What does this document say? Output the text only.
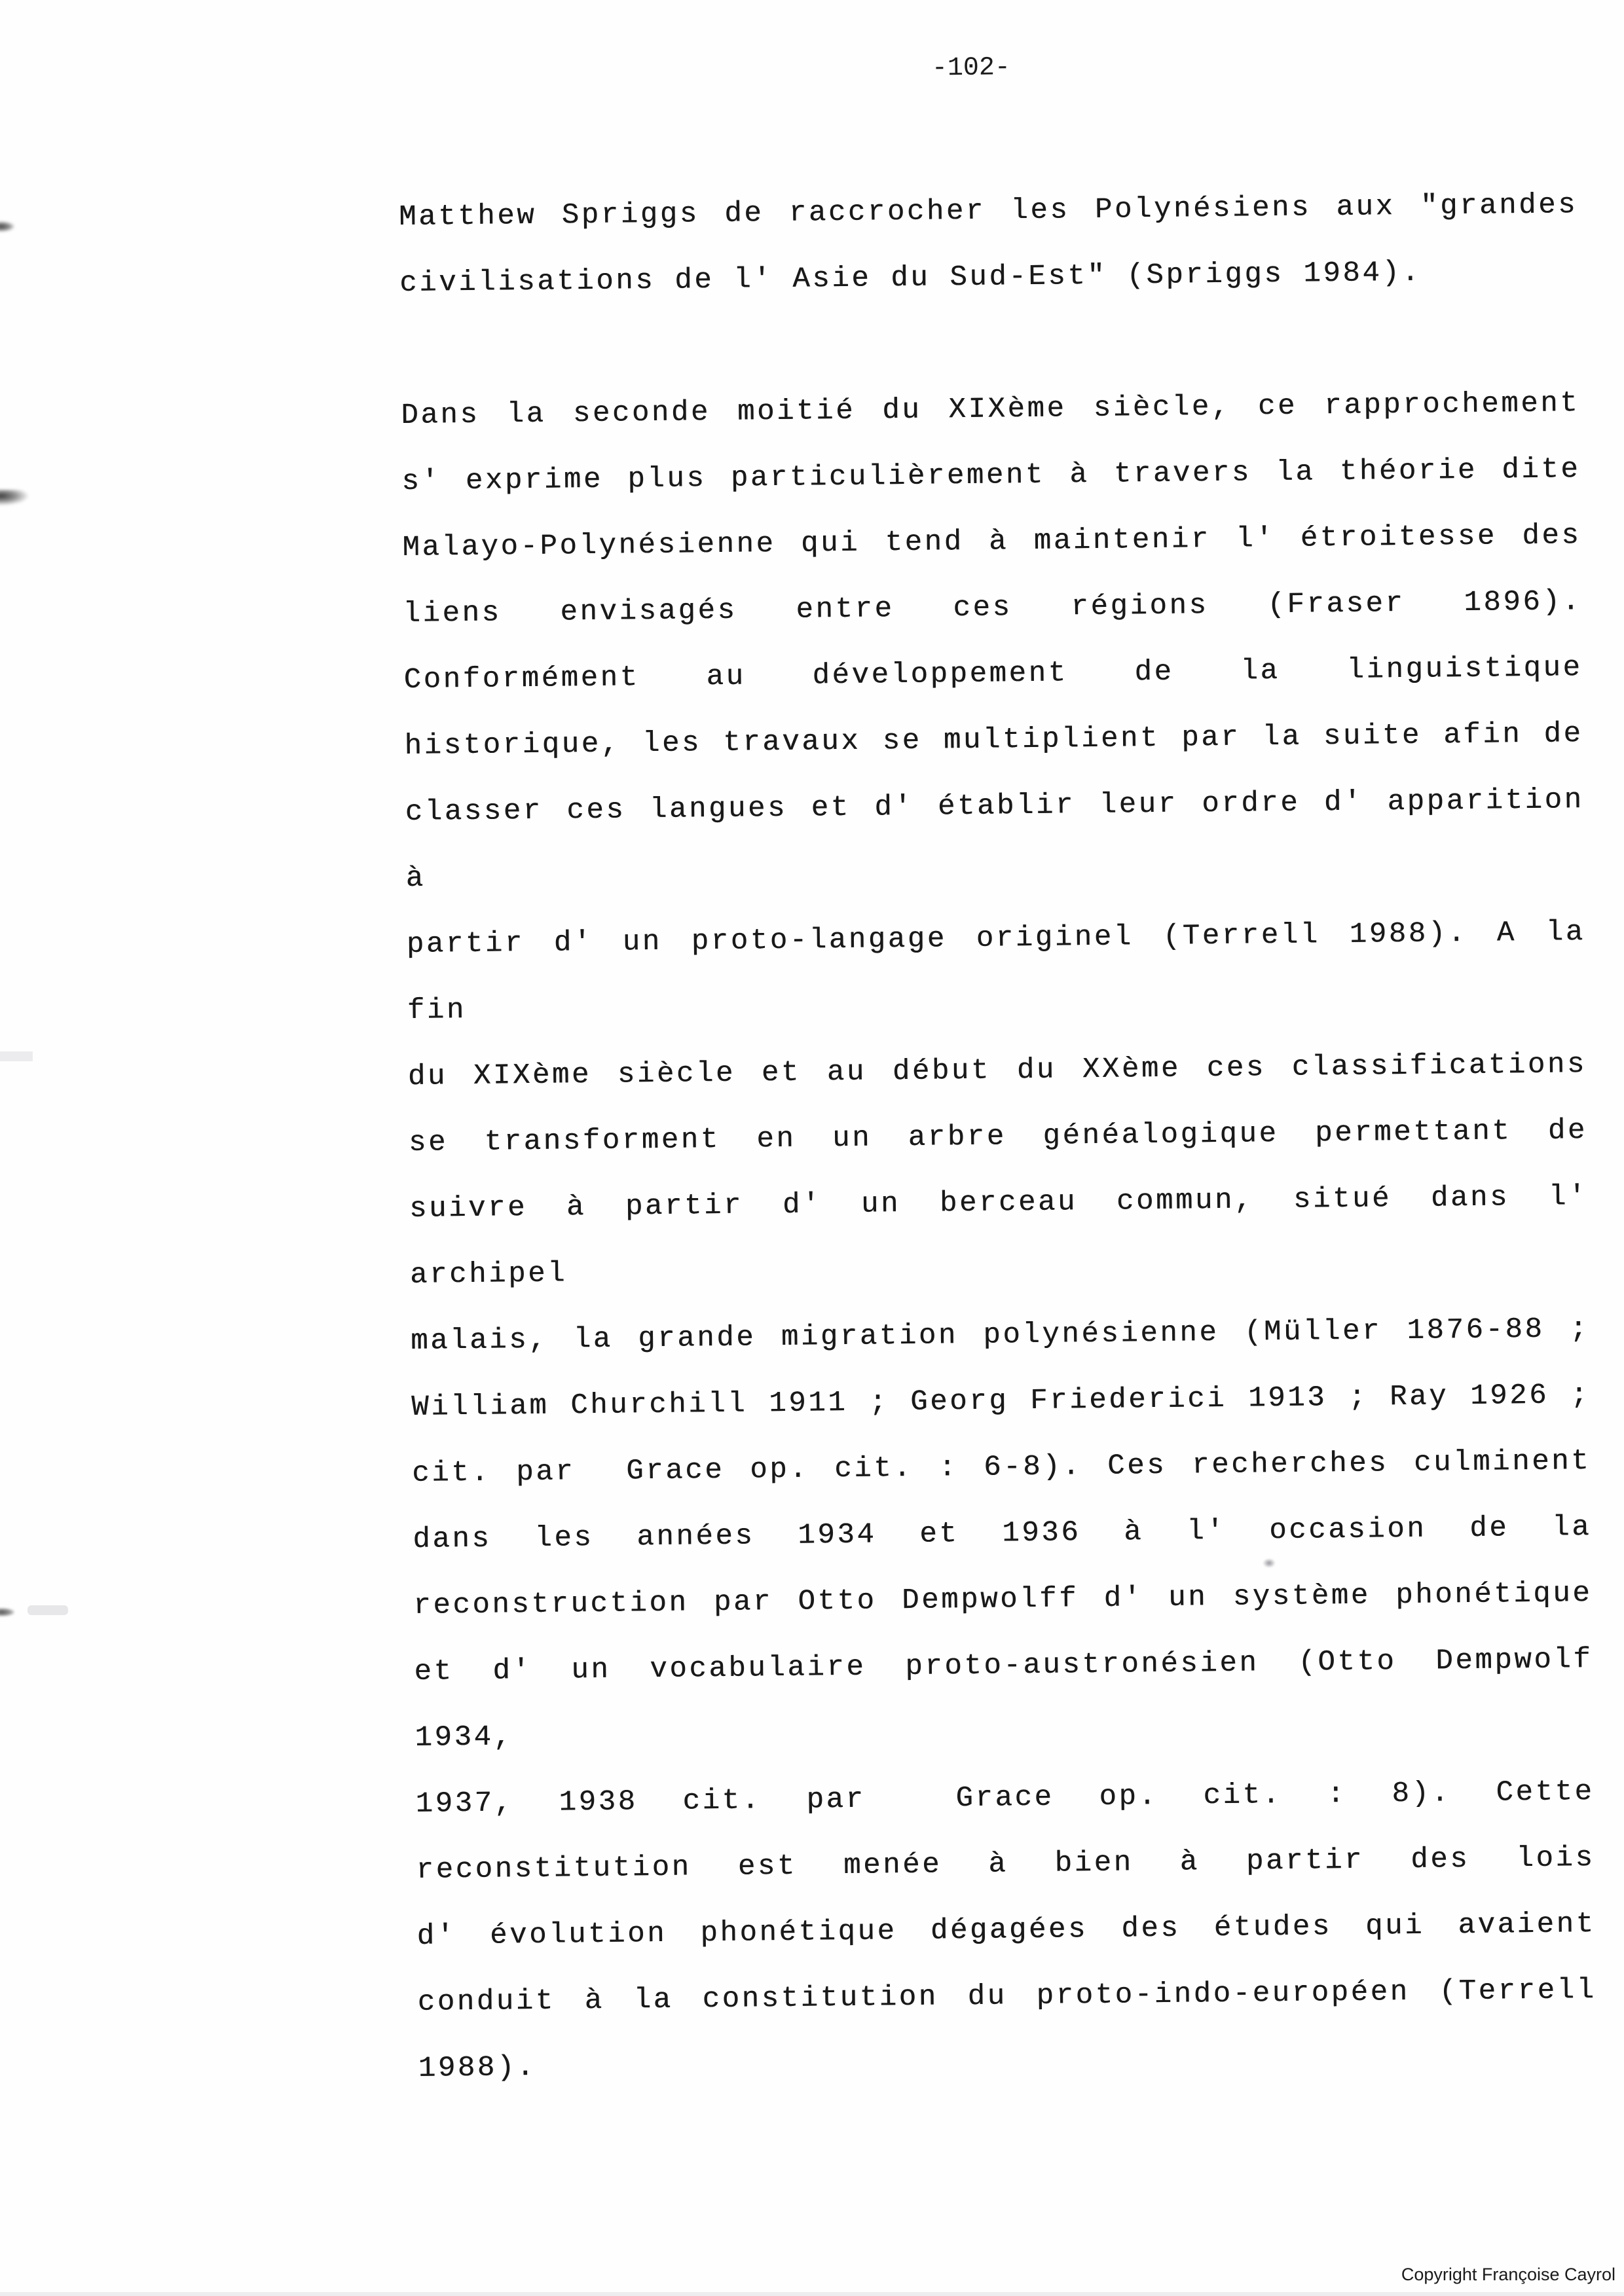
-102-
Matthew Spriggs de raccrocher les Polynésiens aux "grandes
civilisations de l' Asie du Sud-Est" (Spriggs 1984).
Dans la seconde moitié du XIXème siècle, ce rapprochement
s' exprime plus particulièrement à travers la théorie dite
Malayo-Polynésienne qui tend à maintenir l' étroitesse des
liens envisagés entre ces régions (Fraser 1896).
Conformément au développement de la linguistique
historique, les travaux se multiplient par la suite afin de
classer ces langues et d' établir leur ordre d' apparition à
partir d' un proto-langage originel (Terrell 1988). A la fin
du XIXème siècle et au début du XXème ces classifications
se transforment en un arbre généalogique permettant de
suivre à partir d' un berceau commun, situé dans l' archipel
malais, la grande migration polynésienne (Müller 1876-88 ;
William Churchill 1911 ; Georg Friederici 1913 ; Ray 1926 ;
cit. par  Grace op. cit. : 6-8). Ces recherches culminent
dans les années 1934 et 1936 à l' occasion de la
reconstruction par Otto Dempwolff d' un système phonétique
et d' un vocabulaire proto-austronésien (Otto Dempwolf 1934,
1937, 1938 cit. par  Grace op. cit. : 8). Cette
reconstitution est menée à bien à partir des lois
d' évolution phonétique dégagées des études qui avaient
conduit à la constitution du proto-indo-européen (Terrell
1988).
Copyright Françoise Cayrol
